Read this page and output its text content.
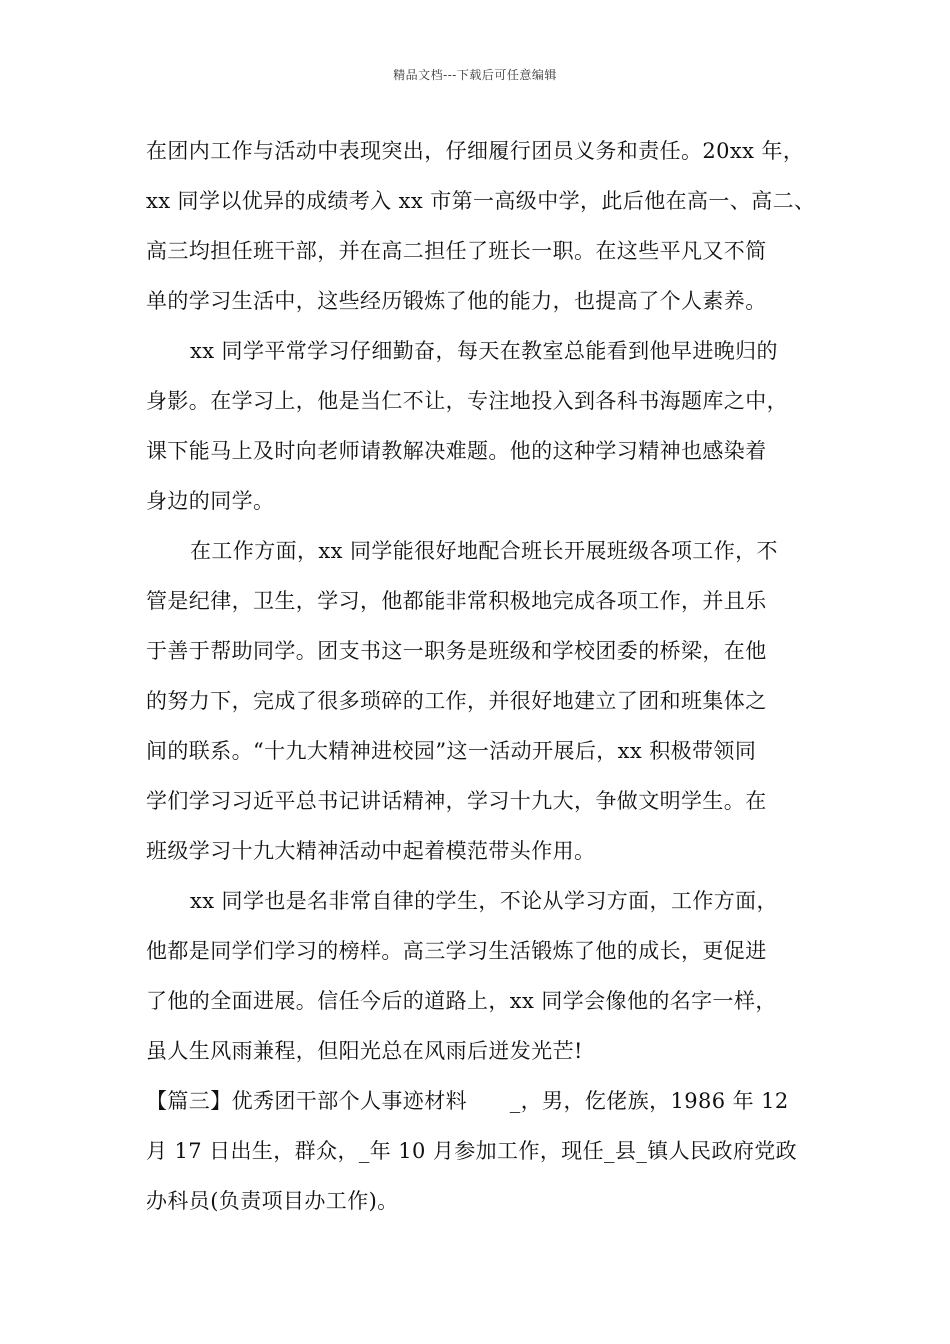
精品文档---下载后可任意编辑
在团内工作与活动中表现突出，仔细履行团员义务和责任。20xx 年，
xx 同学以优异的成绩考入 xx 市第一高级中学，此后他在高一、高二、
高三均担任班干部，并在高二担任了班长一职。在这些平凡又不简
单的学习生活中，这些经历锻炼了他的能力，也提高了个人素养。
xx 同学平常学习仔细勤奋，每天在教室总能看到他早进晚归的
身影。在学习上，他是当仁不让，专注地投入到各科书海题库之中，
课下能马上及时向老师请教解决难题。他的这种学习精神也感染着
身边的同学。
在工作方面，xx 同学能很好地配合班长开展班级各项工作，不
管是纪律，卫生，学习，他都能非常积极地完成各项工作，并且乐
于善于帮助同学。团支书这一职务是班级和学校团委的桥梁，在他
的努力下，完成了很多琐碎的工作，并很好地建立了团和班集体之
间的联系。“十九大精神进校园”这一活动开展后，xx 积极带领同
学们学习习近平总书记讲话精神，学习十九大，争做文明学生。在
班级学习十九大精神活动中起着模范带头作用。
xx 同学也是名非常自律的学生，不论从学习方面，工作方面，
他都是同学们学习的榜样。高三学习生活锻炼了他的成长，更促进
了他的全面进展。信任今后的道路上，xx 同学会像他的名字一样，
虽人生风雨兼程，但阳光总在风雨后迸发光芒!
【篇三】优秀团干部个人事迹材料　　_，男，仡佬族，1986 年 12
月 17 日出生，群众，_年 10 月参加工作，现任_县_镇人民政府党政
办科员(负责项目办工作)。
